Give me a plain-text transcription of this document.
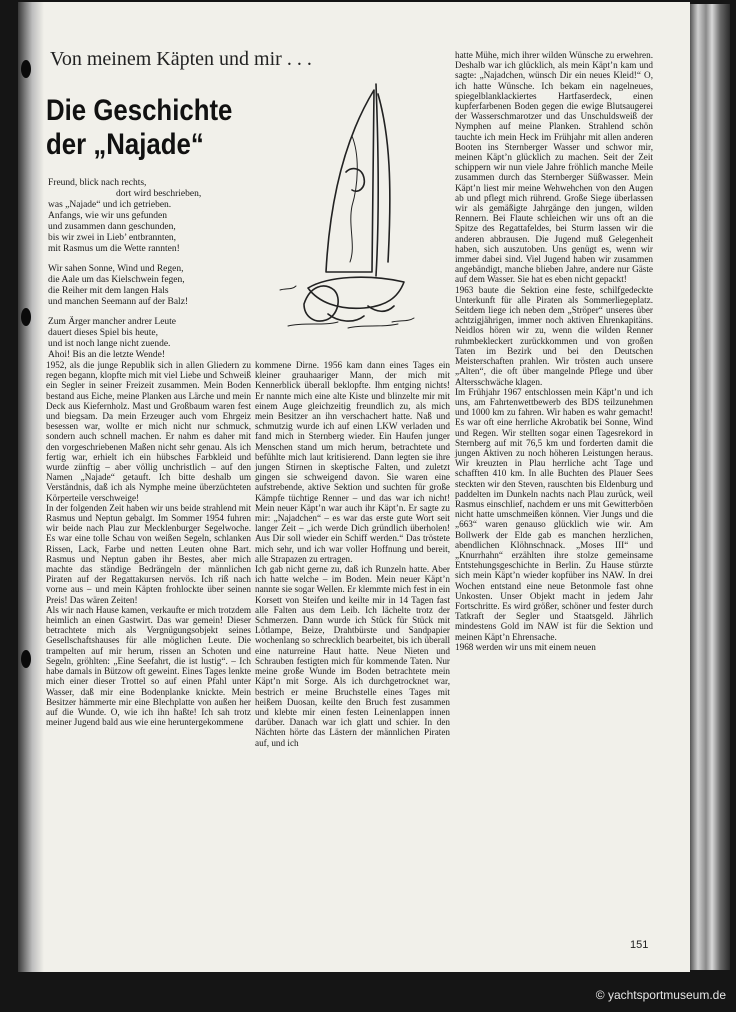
Von meinem Käpten und mir . . .
Die Geschichte
der „Najade“
Freund, blick nach rechts,
dort wird beschrieben,
was „Najade“ und ich getrieben.
Anfangs, wie wir uns gefunden
und zusammen dann geschunden,
bis wir zwei in Lieb’ entbrannten,
mit Rasmus um die Wette rannten!
Wir sahen Sonne, Wind und Regen,
die Aale um das Kielschwein fegen,
die Reiher mit dem langen Hals
und manchen Seemann auf der Balz!
Zum Ärger mancher andrer Leute
dauert dieses Spiel bis heute,
und ist noch lange nicht zuende.
Ahoi! Bis an die letzte Wende!

1952, als die junge Republik sich in allen Gliedern zu regen begann, klopfte mich mit viel Liebe und Schweiß ein Segler in seiner Freizeit zusammen. Mein Boden bestand aus Eiche, meine Planken aus Lärche und mein Deck aus Kiefernholz. Mast und Großbaum waren fest und biegsam. Da mein Erzeuger auch vom Ehrgeiz besessen war, wollte er mich nicht nur schmuck, sondern auch schnell machen. Er nahm es daher mit den vorgeschriebenen Maßen nicht sehr genau. Als ich fertig war, erhielt ich ein hübsches Farbkleid und wurde zünftig – aber völlig unchristlich – auf den Namen „Najade“ getauft. Ich bitte deshalb um Verständnis, daß ich als Nymphe meine überzüchteten Körperteile verschweige!

In der folgenden Zeit haben wir uns beide strahlend mit Rasmus und Neptun gebalgt. Im Sommer 1954 fuhren wir beide nach Plau zur Mecklenburger Segelwoche. Es war eine tolle Schau von weißen Segeln, schlanken Rissen, Lack, Farbe und netten Leuten ohne Bart. Rasmus und Neptun gaben ihr Bestes, aber mich machte das ständige Bedrängeln der männlichen Piraten auf der Regattakursen nervös. Ich riß nach vorne aus – und mein Käpten frohlockte über seinen Preis! Das wären Zeiten!

Als wir nach Hause kamen, verkaufte er mich trotzdem heimlich an einen Gastwirt. Das war gemein! Dieser betrachtete mich als Vergnügungsobjekt seines Gesellschaftshauses für alle möglichen Leute. Die trampelten auf mir herum, rissen an Schoten und Segeln, gröhlten: „Eine Seefahrt, die ist lustig“. – Ich habe damals in Bützow oft geweint. Eines Tages lenkte mich einer dieser Trottel so auf einen Pfahl unter Wasser, daß mir eine Bodenplanke knickte. Mein Besitzer hämmerte mir eine Blechplatte von außen her auf die Wunde. O, wie ich ihn haßte! Ich sah trotz meiner Jugend bald aus wie eine heruntergekommene

kommene Dirne. 1956 kam dann eines Tages ein kleiner grauhaariger Mann, der mich mit Kennerblick überall beklopfte. Ihm entging nichts! Er nannte mich eine alte Kiste und blinzelte mir mit einem Auge gleichzeitig freundlich zu, als mich mein Besitzer an ihn verschachert hatte. Naß und schmutzig wurde ich auf einen LKW verladen und fand mich in Sternberg wieder. Ein Haufen junger Menschen stand um mich herum, betrachtete und befühlte mich laut kritisierend. Dann legten sie ihre jungen Stirnen in skeptische Falten, und zuletzt gingen sie schweigend davon. Sie waren eine aufstrebende, aktive Sektion und suchten für große Kämpfe tüchtige Renner – und das war ich nicht! Mein neuer Käpt’n war auch ihr Käpt’n. Er sagte zu mir: „Najadchen“ – es war das erste gute Wort seit langer Zeit – „ich werde Dich gründlich überholen! Aus Dir soll wieder ein Schiff werden.“ Das tröstete mich sehr, und ich war voller Hoffnung und bereit, alle Strapazen zu ertragen.

Ich gab nicht gerne zu, daß ich Runzeln hatte. Aber ich hatte welche – im Boden. Mein neuer Käpt’n nannte sie sogar Wellen. Er klemmte mich fest in ein Korsett von Steifen und keilte mir in 14 Tagen fast alle Falten aus dem Leib. Ich lächelte trotz der Schmerzen. Dann wurde ich Stück für Stück mit Lötlampe, Beize, Drahtbürste und Sandpapier wochenlang so schrecklich bearbeitet, bis ich überall eine naturreine Haut hatte. Neue Nieten und Schrauben festigten mich für kommende Taten. Nur meine große Wunde im Boden betrachtete mein Käpt’n mit Sorge. Als ich durchgetrocknet war, bestrich er meine Bruchstelle eines Tages mit heißem Duosan, keilte den Bruch fest zusammen und klebte mir einen festen Leinenlappen innen darüber. Danach war ich glatt und schier. In den Nächten hörte das Lästern der männlichen Piraten auf, und ich

hatte Mühe, mich ihrer wilden Wünsche zu erwehren. Deshalb war ich glücklich, als mein Käpt’n kam und sagte: „Najadchen, wünsch Dir ein neues Kleid!“ O, ich hatte Wünsche. Ich bekam ein nagelneues, spiegelblanklackiertes Hartfaserdeck, einen kupferfarbenen Boden gegen die ewige Blutsaugerei der Wasserschmarotzer und das Unschuldsweiß der Nymphen auf meine Planken. Strahlend schön tauchte ich mein Heck im Frühjahr mit allen anderen Booten ins Sternberger Wasser und schwor mir, meinen Käpt’n glücklich zu machen. Seit der Zeit schippern wir nun viele Jahre fröhlich manche Meile zusammen durch das Sternberger Süßwasser. Mein Käpt’n liest mir meine Wehwehchen von den Augen ab und pflegt mich rührend. Große Siege überlassen wir als gemäßigte Jahrgänge den jungen, wilden Rennern. Bei Flaute schleichen wir uns oft an die Spitze des Regattafeldes, bei Sturm lassen wir die anderen abbrausen. Die Jugend muß Gelegenheit haben, sich auszutoben. Uns genügt es, wenn wir immer dabei sind. Viel Jugend haben wir zusammen angebändigt, manche blieben Jahre, andere nur Gäste auf dem Wasser. Sie hat es eben nicht gepackt!

1963 baute die Sektion eine feste, schilfgedeckte Unterkunft für alle Piraten als Sommerliegeplatz. Seitdem liege ich neben dem „Ströper“ unseres über achtzigjährigen, immer noch aktiven Ehrenkapitäns. Neidlos hören wir zu, wenn die wilden Renner ruhmbekleckert zurückkommen und von großen Taten im Bezirk und bei den Deutschen Meisterschaften prahlen. Wir trösten auch unsere „Alten“, die oft über mangelnde Pflege und über Altersschwäche klagen.

Im Frühjahr 1967 entschlossen mein Käpt’n und ich uns, am Fahrtenwettbewerb des BDS teilzunehmen und 1000 km zu fahren. Wir haben es wahr gemacht! Es war oft eine herrliche Akrobatik bei Sonne, Wind und Regen. Wir stellten sogar einen Tagesrekord in Sternberg auf mit 76,5 km und forderten damit die jungen Aktiven zu noch höheren Leistungen heraus. Wir kreuzten in Plau herrliche acht Tage und schafften 410 km. In alle Buchten des Plauer Sees steckten wir den Steven, rauschten bis Eldenburg und paddelten im Dunkeln nachts nach Plau zurück, weil Rasmus einschlief, nachdem er uns mit Gewitterböen nicht hatte umschmeißen können. Vier Jungs und die „663“ waren genauso glücklich wie wir. Am Bollwerk der Elde gab es manchen herzlichen, abendlichen Klöhnschnack. „Moses III“ und „Knurrhahn“ erzählten ihre stolze gemeinsame Entstehungsgeschichte in Berlin. Zu Hause stürzte sich mein Käpt’n wieder kopfüber ins NAW. In drei Wochen entstand eine neue Betonmole fast ohne Unkosten. Unser Objekt macht in jedem Jahr Fortschritte. Es wird größer, schöner und fester durch Tatkraft der Segler und Staatsgeld. Jährlich mindestens Gold im NAW ist für die Sektion und meinen Käpt’n Ehrensache.

1968 werden wir uns mit einem neuen

151
© yachtsportmuseum.de
